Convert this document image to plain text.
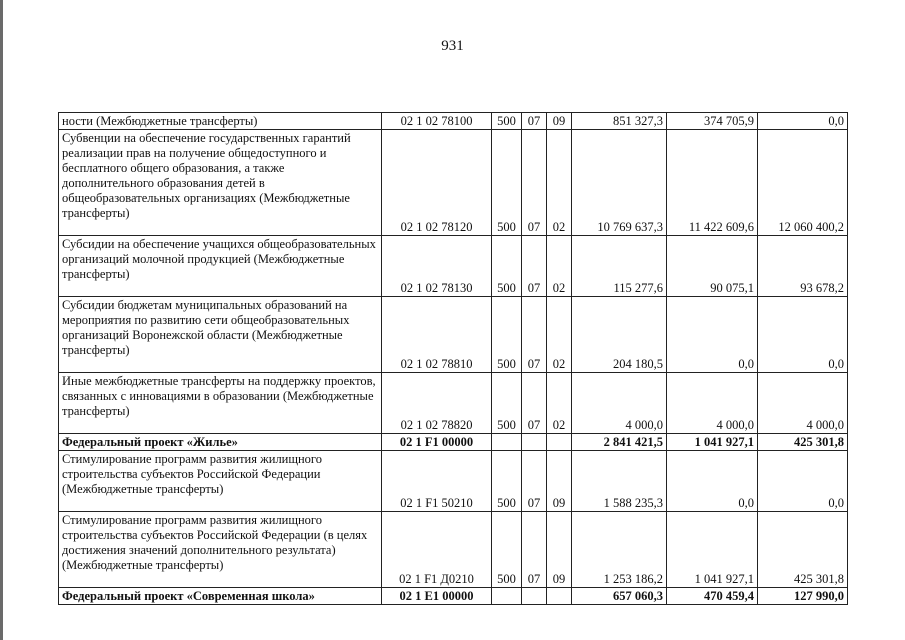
931
ности (Межбюджетные трансферты)	02 1 02 78100	500	07	09	851 327,3	374 705,9	0,0
Субвенции на обеспечение государственных гарантий реализации прав на получение общедоступного и бесплатного общего образования, а также дополнительного образования детей в общеобразовательных организациях (Межбюджетные трансферты)	02 1 02 78120	500	07	02	10 769 637,3	11 422 609,6	12 060 400,2
Субсидии на обеспечение учащихся общеобразовательных организаций молочной продукцией (Межбюджетные трансферты)	02 1 02 78130	500	07	02	115 277,6	90 075,1	93 678,2
Субсидии бюджетам муниципальных образований на мероприятия по развитию сети общеобразовательных организаций Воронежской области (Межбюджетные трансферты)	02 1 02 78810	500	07	02	204 180,5	0,0	0,0
Иные межбюджетные трансферты на поддержку проектов, связанных с инновациями в образовании (Межбюджетные трансферты)	02 1 02 78820	500	07	02	4 000,0	4 000,0	4 000,0
Федеральный проект «Жилье»	02 1 F1 00000				2 841 421,5	1 041 927,1	425 301,8
Стимулирование программ развития жилищного строительства субъектов Российской Федерации (Межбюджетные трансферты)	02 1 F1 50210	500	07	09	1 588 235,3	0,0	0,0
Стимулирование программ развития жилищного строительства субъектов Российской Федерации (в целях достижения значений дополнительного результата) (Межбюджетные трансферты)	02 1 F1 Д0210	500	07	09	1 253 186,2	1 041 927,1	425 301,8
Федеральный проект «Современная школа»	02 1 E1 00000				657 060,3	470 459,4	127 990,0
